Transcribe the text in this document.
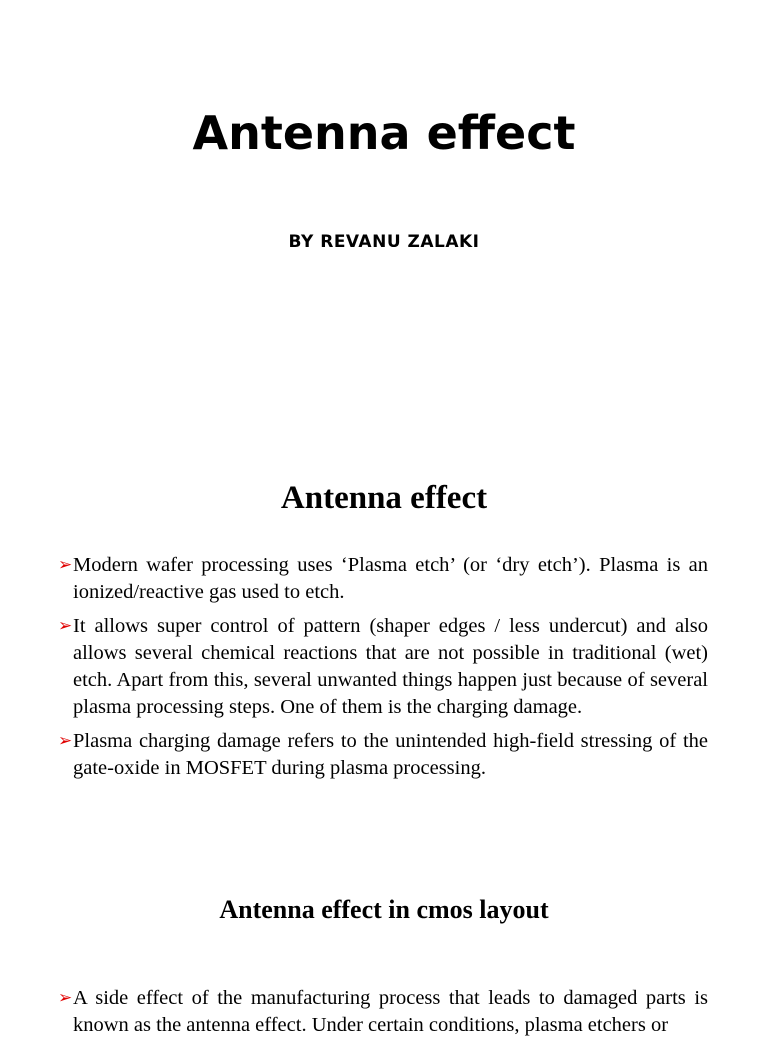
Antenna effect
BY REVANU ZALAKI
Antenna effect
➢ Modern wafer processing uses ‘Plasma etch’ (or ‘dry etch’). Plasma is an ionized/reactive gas used to etch.
➢ It allows super control of pattern (shaper edges / less undercut) and also allows several chemical reactions that are not possible in traditional (wet) etch. Apart from this, several unwanted things happen just because of several plasma processing steps. One of them is the charging damage.
➢ Plasma charging damage refers to the unintended high-field stressing of the gate-oxide in MOSFET during plasma processing.
Antenna effect in cmos layout
➢ A side effect of the manufacturing process that leads to damaged parts is known as the antenna effect. Under certain conditions, plasma etchers or
